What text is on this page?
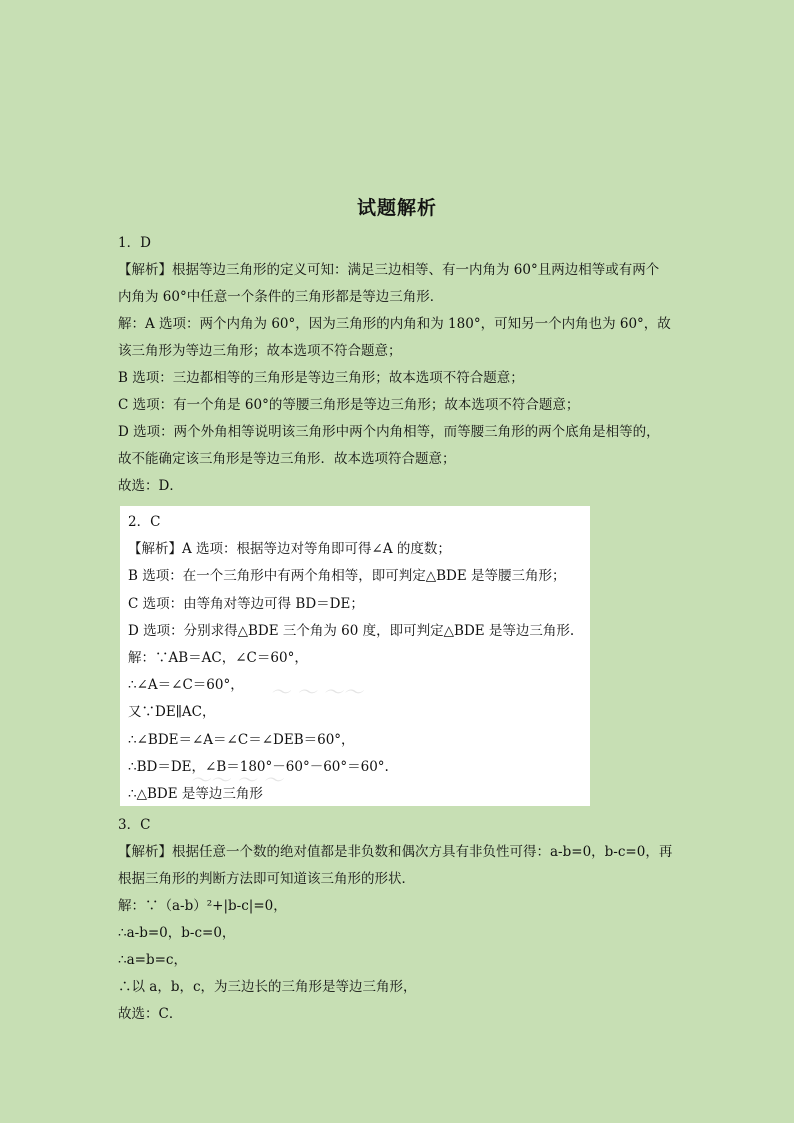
试题解析
1．D
【解析】根据等边三角形的定义可知：满足三边相等、有一内角为 60°且两边相等或有两个
内角为 60°中任意一个条件的三角形都是等边三角形．
解：A 选项：两个内角为 60°，因为三角形的内角和为 180°，可知另一个内角也为 60°，故
该三角形为等边三角形；故本选项不符合题意；
B 选项：三边都相等的三角形是等边三角形；故本选项不符合题意；
C 选项：有一个角是 60°的等腰三角形是等边三角形；故本选项不符合题意；
D 选项：两个外角相等说明该三角形中两个内角相等，而等腰三角形的两个底角是相等的，
故不能确定该三角形是等边三角形．故本选项符合题意；
故选：D．
〜〜 〜 〜
〜 〜 〜〜
2．C
【解析】A 选项：根据等边对等角即可得∠A 的度数；
B 选项：在一个三角形中有两个角相等，即可判定△BDE 是等腰三角形；
C 选项：由等角对等边可得 BD＝DE；
D 选项：分别求得△BDE 三个角为 60 度，即可判定△BDE 是等边三角形.
解：∵AB＝AC，∠C＝60°，
∴∠A＝∠C＝60°，
又∵DE∥AC，
∴∠BDE＝∠A＝∠C＝∠DEB＝60°，
∴BD＝DE，∠B＝180°－60°－60°＝60°.
∴△BDE 是等边三角形
3．C
【解析】根据任意一个数的绝对值都是非负数和偶次方具有非负性可得：a-b=0，b-c=0，再
根据三角形的判断方法即可知道该三角形的形状．
解：∵（a-b）²+|b-c|=0，
∴a-b=0，b-c=0，
∴a=b=c，
∴以 a，b，c，为三边长的三角形是等边三角形，
故选：C．
